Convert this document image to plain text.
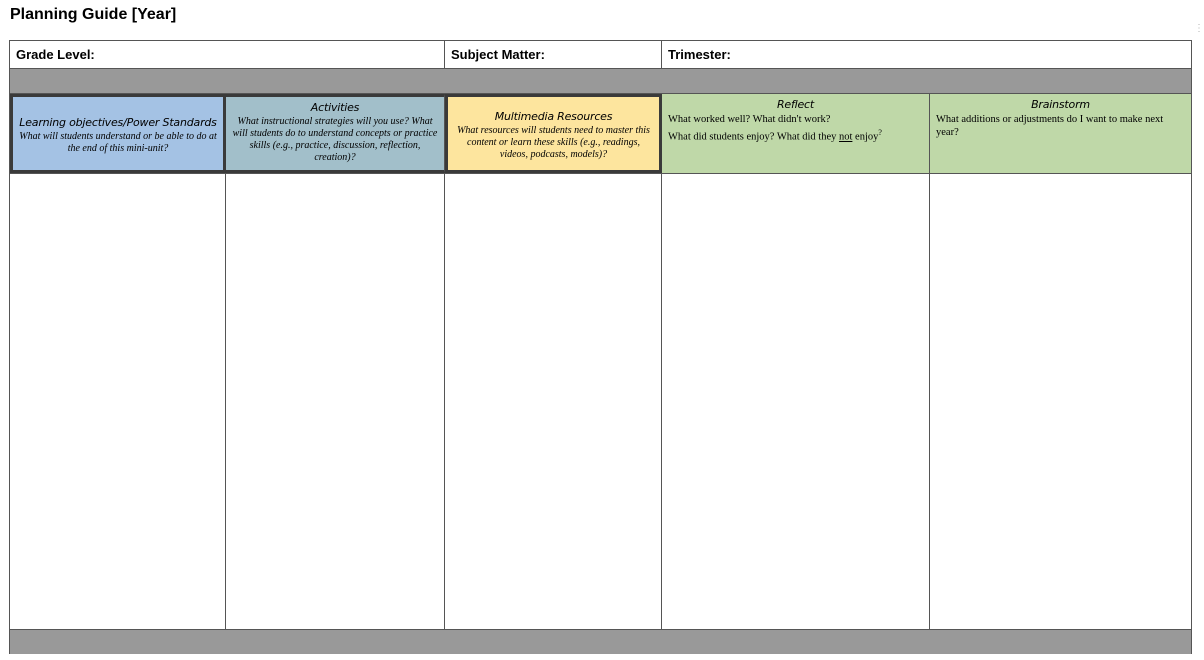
Planning Guide [Year]
⋮
Grade Level:	Subject Matter:	Trimester:
Learning objectives/Power Standards
What will students understand or be able to do at the end of this mini-unit?
Activities
What instructional strategies will you use? What will students do to understand concepts or practice skills (e.g., practice, discussion, reflection, creation)?
Multimedia Resources
What resources will students need to master this content or learn these skills (e.g., readings, videos, podcasts, models)?
Reflect
What worked well? What didn't work?
What did students enjoy? What did they not enjoy?
Brainstorm
What additions or adjustments do I want to make next year?
